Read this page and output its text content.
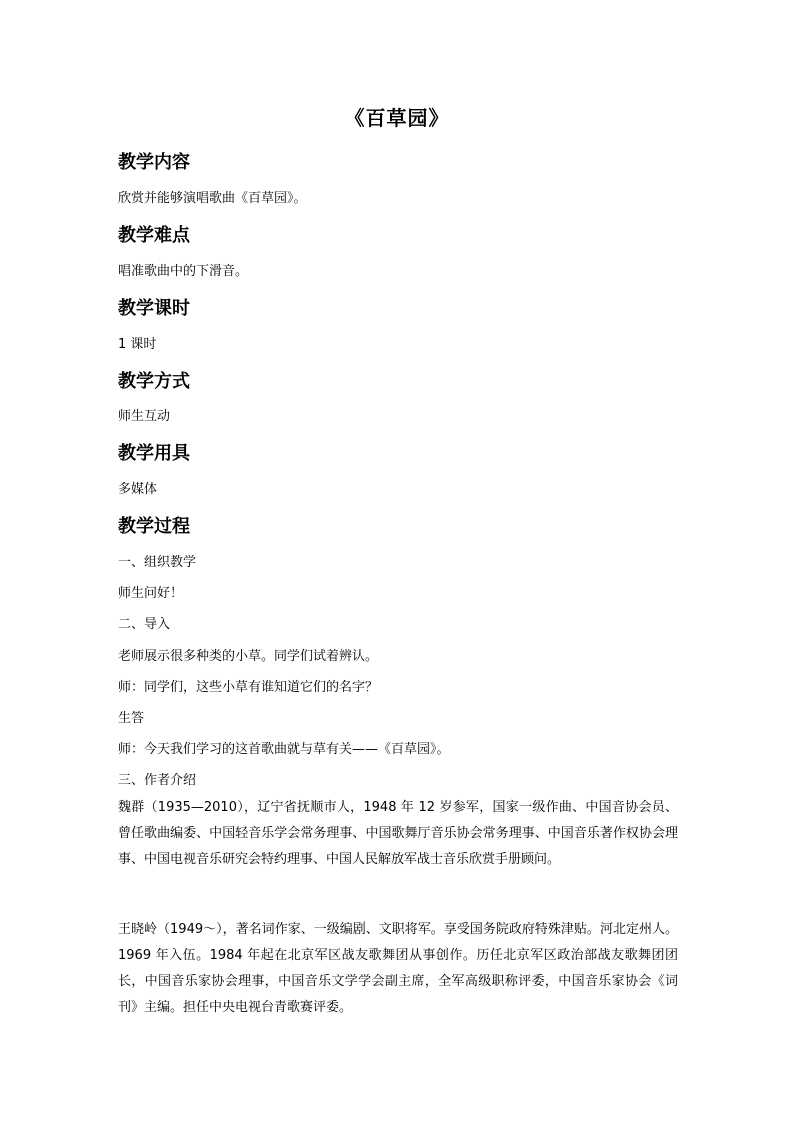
《百草园》
教学内容
欣赏并能够演唱歌曲《百草园》。
教学难点
唱准歌曲中的下滑音。
教学课时
1 课时
教学方式
师生互动
教学用具
多媒体
教学过程
一、组织教学
师生问好！
二、导入
老师展示很多种类的小草。同学们试着辨认。
师：同学们，这些小草有谁知道它们的名字？
生答
师：今天我们学习的这首歌曲就与草有关——《百草园》。
三、作者介绍
魏群（1935—2010），辽宁省抚顺市人，1948 年 12 岁参军，国家一级作曲、中国音协会员、曾任歌曲编委、中国轻音乐学会常务理事、中国歌舞厅音乐协会常务理事、中国音乐著作权协会理事、中国电视音乐研究会特约理事、中国人民解放军战士音乐欣赏手册顾问。
王晓岭（1949～），著名词作家、一级编剧、文职将军。享受国务院政府特殊津贴。河北定州人。1969 年入伍。1984 年起在北京军区战友歌舞团从事创作。历任北京军区政治部战友歌舞团团长，中国音乐家协会理事，中国音乐文学学会副主席，全军高级职称评委，中国音乐家协会《词刊》主编。担任中央电视台青歌赛评委。
